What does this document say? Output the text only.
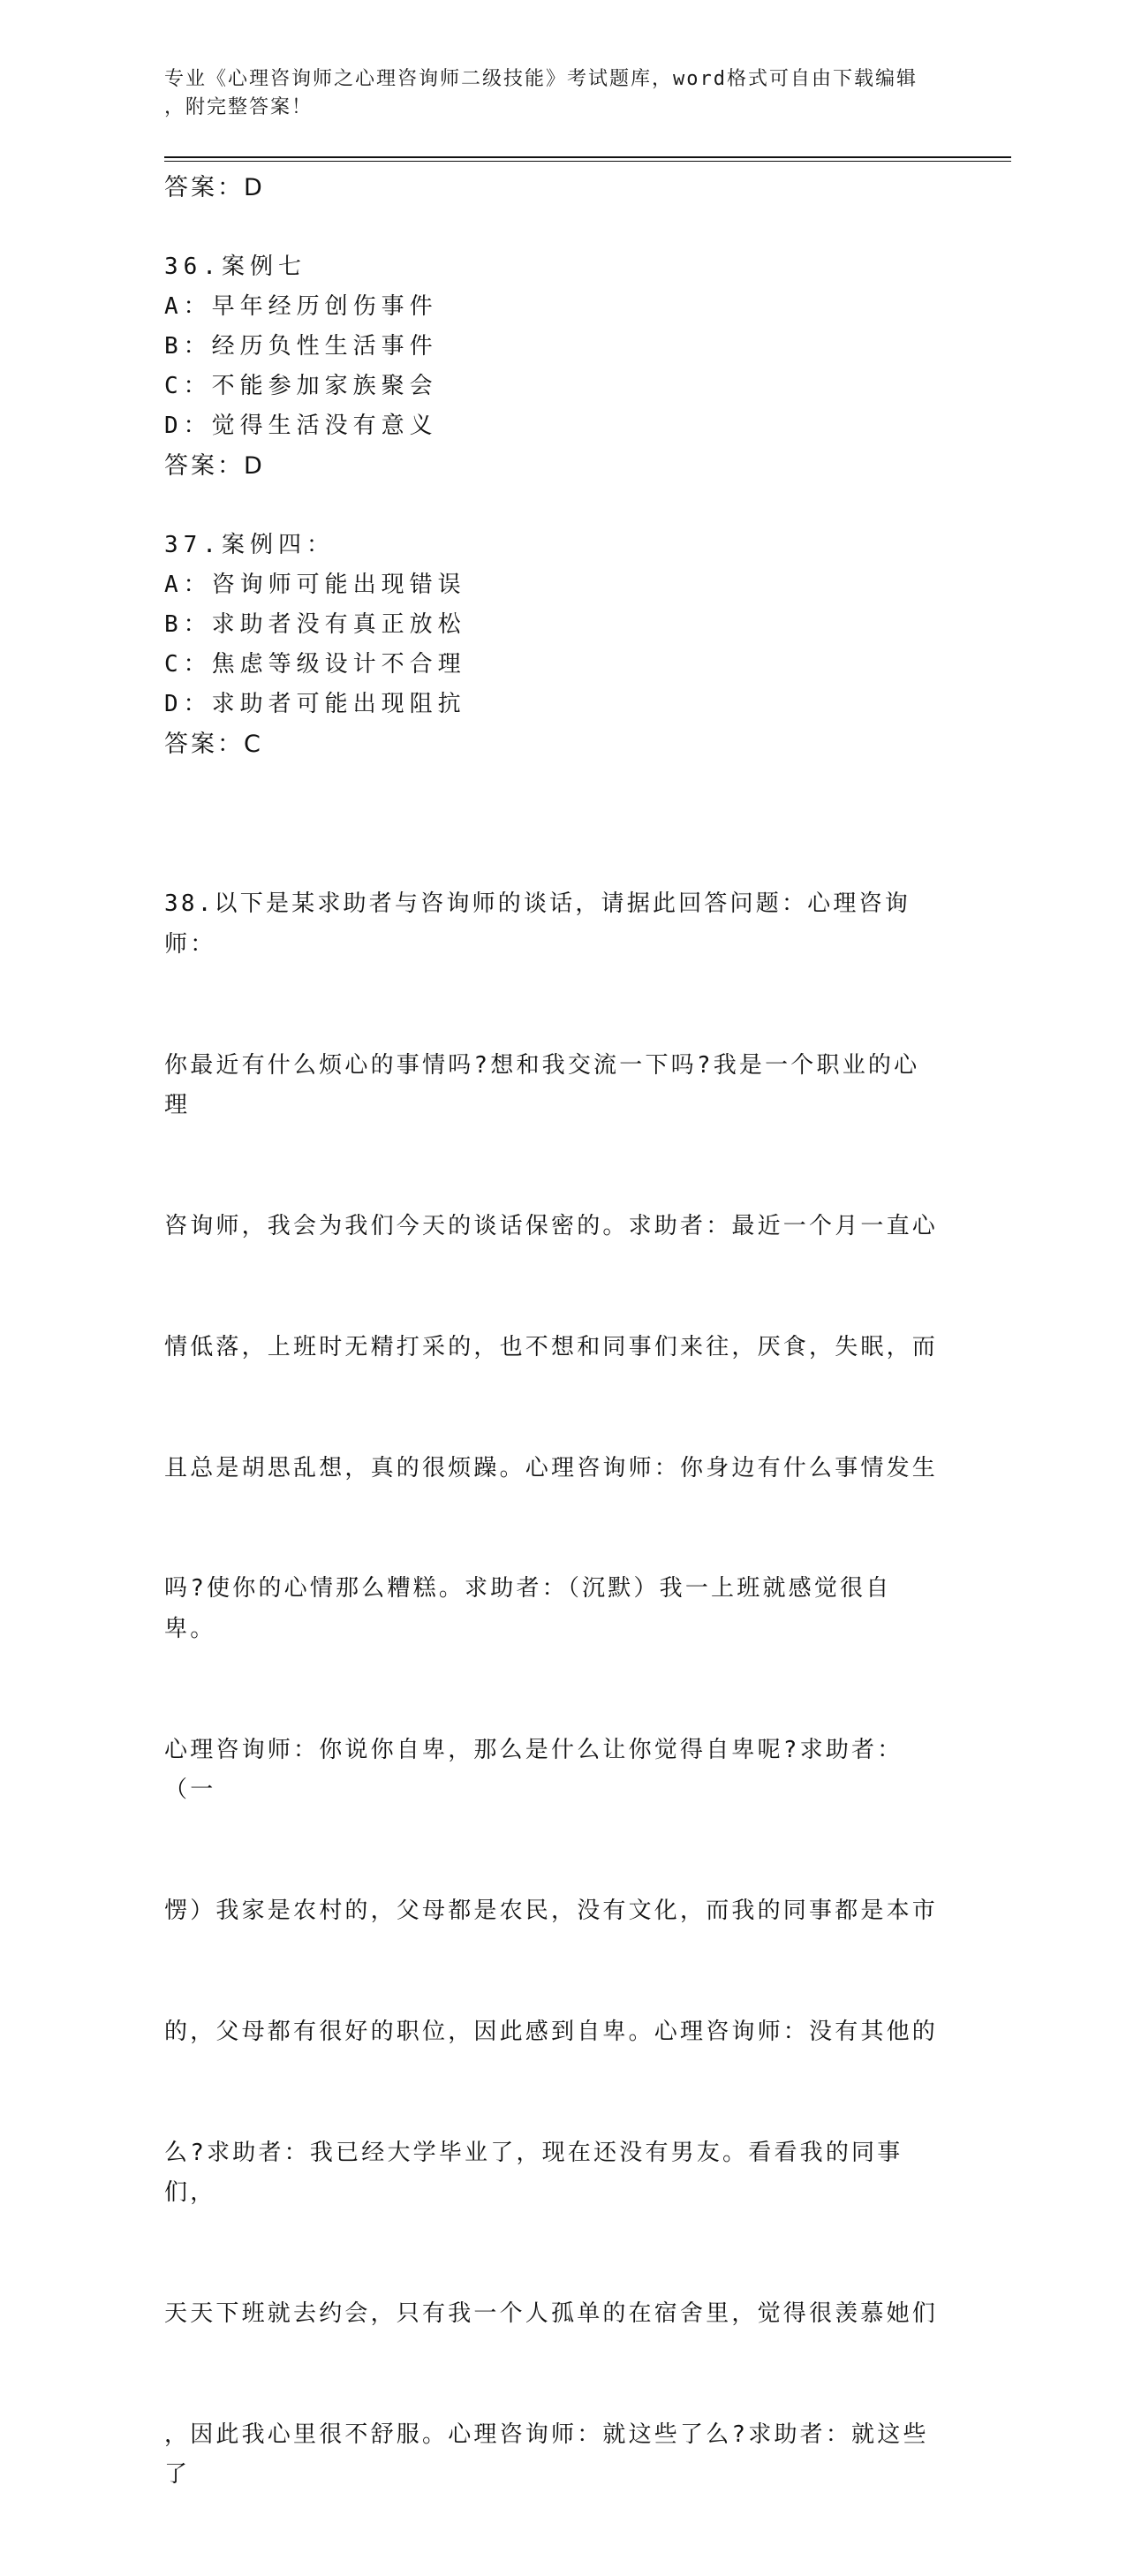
专业《心理咨询师之心理咨询师二级技能》考试题库，word格式可自由下载编辑
，附完整答案！
答案：D
36.案例七
A：早年经历创伤事件
B：经历负性生活事件
C：不能参加家族聚会
D：觉得生活没有意义
答案：D
37.案例四：
A：咨询师可能出现错误
B：求助者没有真正放松
C：焦虑等级设计不合理
D：求助者可能出现阻抗
答案：C

38.以下是某求助者与咨询师的谈话，请据此回答问题：心理咨询师：

你最近有什么烦心的事情吗?想和我交流一下吗?我是一个职业的心理

咨询师，我会为我们今天的谈话保密的。求助者：最近一个月一直心

情低落，上班时无精打采的，也不想和同事们来往，厌食，失眠，而

且总是胡思乱想，真的很烦躁。心理咨询师：你身边有什么事情发生

吗?使你的心情那么糟糕。求助者：（沉默）我一上班就感觉很自卑。

心理咨询师：你说你自卑，那么是什么让你觉得自卑呢?求助者：（一

愣）我家是农村的，父母都是农民，没有文化，而我的同事都是本市

的，父母都有很好的职位，因此感到自卑。心理咨询师：没有其他的

么?求助者：我已经大学毕业了，现在还没有男友。看看我的同事们，

天天下班就去约会，只有我一个人孤单的在宿舍里，觉得很羡慕她们

，因此我心里很不舒服。心理咨询师：就这些了么?求助者：就这些了
